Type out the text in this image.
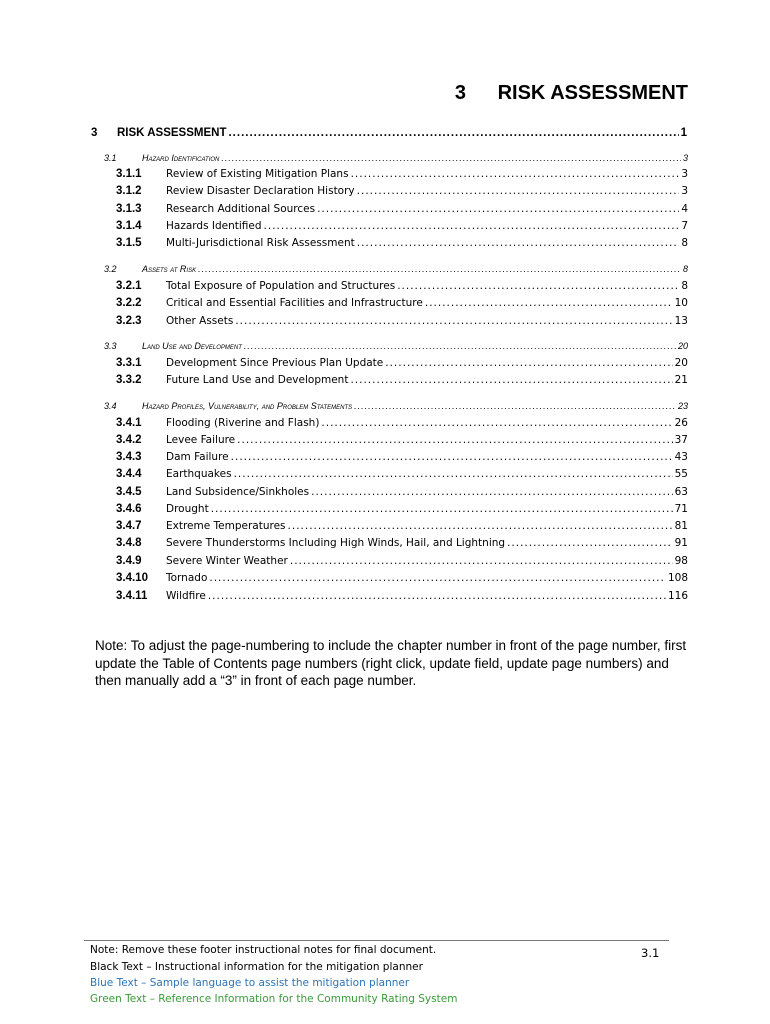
3 RISK ASSESSMENT
3	RISK ASSESSMENT .....	1
3.1	Hazard Identification .....	3
3.1.1	Review of Existing Mitigation Plans .....	3
3.1.2	Review Disaster Declaration History .....	3
3.1.3	Research Additional Sources .....	4
3.1.4	Hazards Identified .....	7
3.1.5	Multi-Jurisdictional Risk Assessment .....	8
3.2	Assets at Risk .....	8
3.2.1	Total Exposure of Population and Structures .....	8
3.2.2	Critical and Essential Facilities and Infrastructure .....	10
3.2.3	Other Assets .....	13
3.3	Land Use and Development .....	20
3.3.1	Development Since Previous Plan Update .....	20
3.3.2	Future Land Use and Development .....	21
3.4	Hazard Profiles, Vulnerability, and Problem Statements .....	23
3.4.1	Flooding (Riverine and Flash) .....	26
3.4.2	Levee Failure .....	37
3.4.3	Dam Failure .....	43
3.4.4	Earthquakes .....	55
3.4.5	Land Subsidence/Sinkholes .....	63
3.4.6	Drought .....	71
3.4.7	Extreme Temperatures .....	81
3.4.8	Severe Thunderstorms Including High Winds, Hail, and Lightning .....	91
3.4.9	Severe Winter Weather .....	98
3.4.10	Tornado .....	108
3.4.11	Wildfire .....	116
Note: To adjust the page-numbering to include the chapter number in front of the page number, first update the Table of Contents page numbers (right click, update field, update page numbers) and then manually add a “3” in front of each page number.
Note: Remove these footer instructional notes for final document.	3.1
Black Text – Instructional information for the mitigation planner
Blue Text – Sample language to assist the mitigation planner
Green Text – Reference Information for the Community Rating System
